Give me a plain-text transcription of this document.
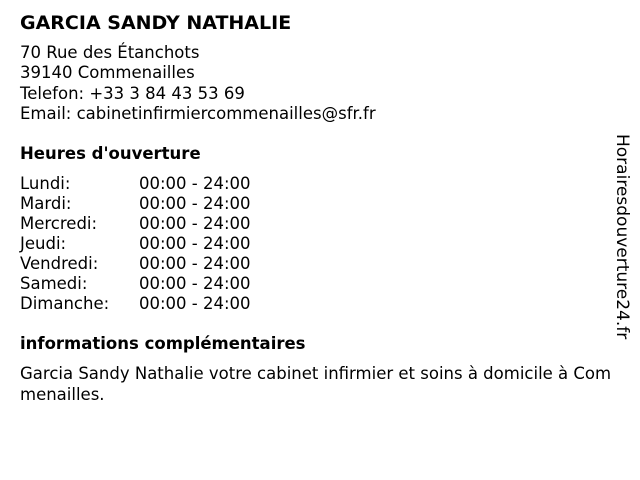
GARCIA SANDY NATHALIE
70 Rue des Étanchots
39140 Commenailles
Telefon: +33 3 84 43 53 69
Email: cabinetinfirmiercommenailles@sfr.fr
Heures d'ouverture
Lundi:	00:00 - 24:00
Mardi:	00:00 - 24:00
Mercredi:	00:00 - 24:00
Jeudi:	00:00 - 24:00
Vendredi:	00:00 - 24:00
Samedi:	00:00 - 24:00
Dimanche:	00:00 - 24:00
informations complémentaires
Garcia Sandy Nathalie votre cabinet infirmier et soins à domicile à Commenailles.
Horairesdouverture24.fr
